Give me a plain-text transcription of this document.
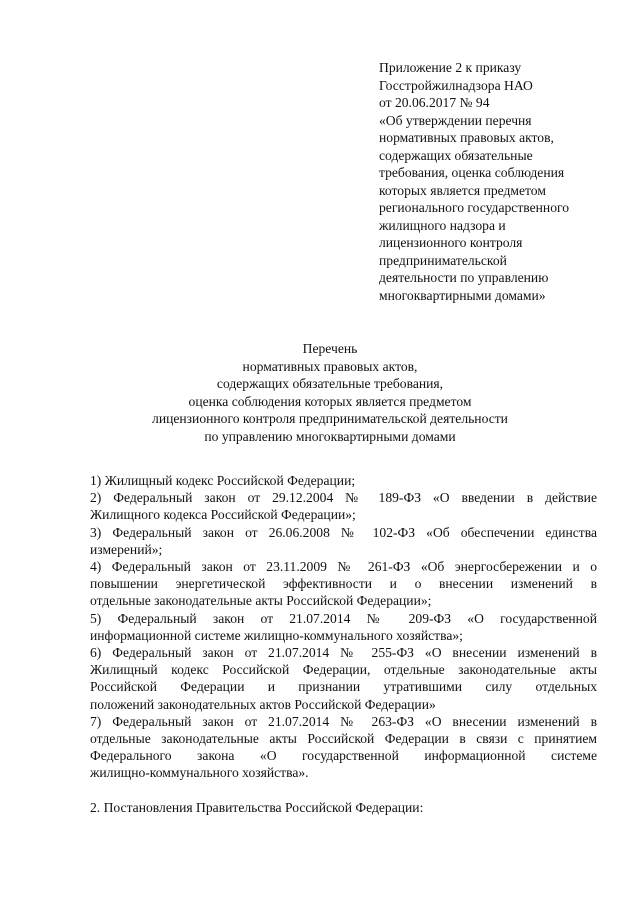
Приложение 2 к приказу
Госстройжилнадзора НАО
от 20.06.2017 № 94
«Об утверждении перечня
нормативных правовых актов,
содержащих обязательные
требования, оценка соблюдения
которых является предметом
регионального государственного
жилищного надзора и
лицензионного контроля
предпринимательской
деятельности по управлению
многоквартирными домами»
Перечень
нормативных правовых актов,
содержащих обязательные требования,
оценка соблюдения которых является предметом
лицензионного контроля предпринимательской деятельности
по управлению многоквартирными домами
1) Жилищный кодекс Российской Федерации;
2) Федеральный закон от 29.12.2004 № 189-ФЗ «О введении в действие
Жилищного кодекса Российской Федерации»;
3) Федеральный закон от 26.06.2008 № 102-ФЗ «Об обеспечении единства
измерений»;
4) Федеральный закон от 23.11.2009 № 261-ФЗ «Об энергосбережении и о
повышении энергетической эффективности и о внесении изменений в
отдельные законодательные акты Российской Федерации»;
5) Федеральный закон от 21.07.2014 № 209-ФЗ «О государственной
информационной системе жилищно-коммунального хозяйства»;
6) Федеральный закон от 21.07.2014 № 255-ФЗ «О внесении изменений в
Жилищный кодекс Российской Федерации, отдельные законодательные акты
Российской Федерации и признании утратившими силу отдельных
положений законодательных актов Российской Федерации»
7) Федеральный закон от 21.07.2014 № 263-ФЗ «О внесении изменений в
отдельные законодательные акты Российской Федерации в связи с принятием
Федерального закона «О государственной информационной системе
жилищно-коммунального хозяйства».
2. Постановления Правительства Российской Федерации:
